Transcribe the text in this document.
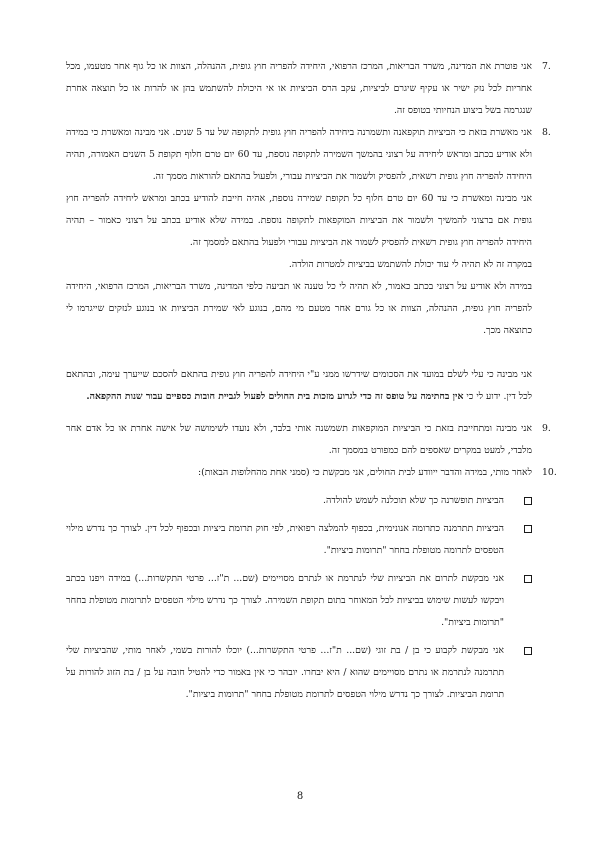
7.
אני פוטרת את המדינה, משרד הבריאות, המרכז הרפואי, היחידה להפריה חוץ גופית, ההנהלה, הצוות או כל גוף אחר מטעמו, מכל אחריות לכל נזק ישיר או עקיף שיגרם לביציות, עקב הרס הביציות או אי היכולת להשתמש בהן או להרות או כל תוצאה אחרת שנגרמה בשל ביצוע הנחיותי בטופס זה.
8.
אני מאשרת בזאת כי הביציות תוקפאנה ותשמרנה ביחידה להפריה חוץ גופית לתקופה של עד 5 שנים. אני מבינה ומאשרת כי במידה ולא אודיע בכתב ומראש ליחידה על רצוני בהמשך השמירה לתקופה נוספת, עד 60 יום טרם חלוף תקופת 5 השנים האמורה, תהיה היחידה להפריה חוץ גופית רשאית, להפסיק ולשמור את הביציות עבורי, ולפעול בהתאם להוראות מסמך זה.
אני מבינה ומאשרת כי עד 60 יום טרם חלוף כל תקופת שמירה נוספת, אהיה חייבת להודיע בכתב ומראש ליחידה להפריה חוץ גופית אם ברצוני להמשיך ולשמור את הביציות המוקפאות לתקופה נוספת. במידה שלא אודיע בכתב על רצוני כאמור – תהיה היחידה להפריה חוץ גופית רשאית להפסיק לשמור את הביציות עבורי ולפעול בהתאם למסמך זה.
במקרה זה לא תהיה לי עוד יכולת להשתמש בביציות למטרות הולדה.
במידה ולא אודיע על רצוני בכתב כאמור, לא תהיה לי כל טענה או תביעה כלפי המדינה, משרד הבריאות, המרכז הרפואי, היחידה להפריה חוץ גופית, ההנהלה, הצוות או כל גורם אחר מטעם מי מהם, בנוגע לאי שמירת הביציות או בנוגע לנזקים שייגרמו לי כתוצאה מכך.
אני מבינה כי עלי לשלם במועד את הסכומים שידרשו ממני ע"י היחידה להפריה חוץ גופית בהתאם להסכם שייערך עימה, ובהתאם לכל דין. ידוע לי כי אין בחתימה על טופס זה כדי לגרוע מזכות בית החולים לפעול לגביית חובות כספיים עבור שנות ההקפאה.
9.
אני מבינה ומתחייבת בזאת כי הביציות המוקפאות תשמשנה אותי בלבד, ולא נועדו לשימושה של אישה אחרת או כל אדם אחר מלבדי, למעט במקרים שאספים להם כמפורט במסמך זה.
10.
לאחר מותי, במידה והדבר ייוודע לבית החולים, אני מבקשת כי (סמני אחת מהחלופות הבאות):
הביציות תופשרנה כך שלא תוכלנה לשמש להולדה.
הביציות תתרמנה כתרומה אנונימית, בכפוף להמלצה רפואית, לפי חוק תרומת ביציות ובכפוף לכל דין. לצורך כך נדרש מילוי הטפסים לתרומה מטופלת בחחר "תרומות ביציות".
אני מבקשת לתרום את הביציות שלי לנתרמת או לנתרם מסויימים (שם... ת"ז... פרטי התקשרות...) במידה ויפנו בכתב ויבקשו לעשות שימוש בביציות לכל המאוחר בתום תקופת השמירה. לצורך כך נדרש מילוי הטפסים לתרומות מטופלת בחחר "תרומות ביציות".
אני מבקשת לקבוע כי בן / בת זוגי (שם... ת"ז... פרטי התקשרות...) יוכלו להורות בשמי, לאחר מותי, שהביציות שלי תתרמנה לנתרמת או נתרם מסויימים שהוא / היא יבחרו. יובהר כי אין באמור כדי להטיל חובה על בן / בת הזוג להורות על תרומת הביציות. לצורך כך נדרש מילוי הטפסים לתרומת מטופלת בחחר "תרומות ביציות".
8
